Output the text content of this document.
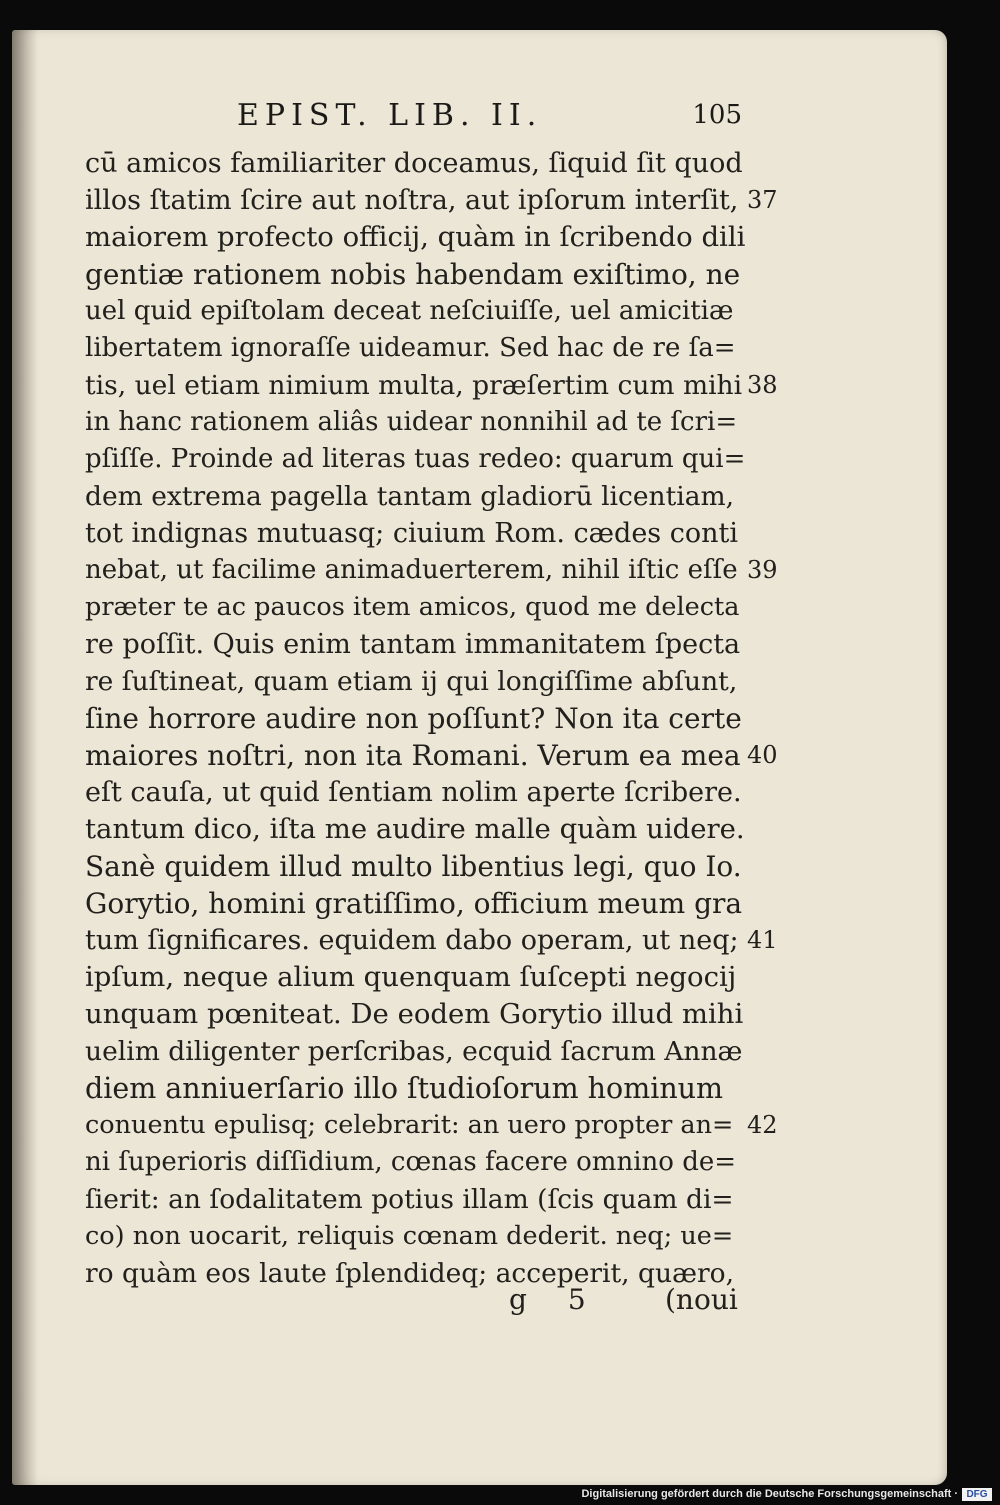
EPIST. LIB. II.	105
cū amicos familiariter doceamus, ſiquid ſit quod
illos ſtatim ſcire aut noſtra, aut ipſorum interſit,
maiorem profecto officij, quàm in ſcribendo dili
gentiæ rationem nobis habendam exiſtimo, ne
uel quid epiſtolam deceat neſciuiſſe, uel amicitiæ
libertatem ignoraſſe uideamur. Sed hac de re ſa=
tis, uel etiam nimium multa, præſertim cum mihi
in hanc rationem aliâs uidear nonnihil ad te ſcri=
pſiſſe. Proinde ad literas tuas redeo: quarum qui=
dem extrema pagella tantam gladiorū licentiam,
tot indignas mutuasq; ciuium Rom. cædes conti
nebat, ut facilime animaduerterem, nihil iſtic eſſe
præter te ac paucos item amicos, quod me delecta
re poſſit. Quis enim tantam immanitatem ſpecta
re ſuſtineat, quam etiam ij qui longiſſime abſunt,
ſine horrore audire non poſſunt? Non ita certe
maiores noſtri, non ita Romani. Verum ea mea
eſt cauſa, ut quid ſentiam nolim aperte ſcribere.
tantum dico, iſta me audire malle quàm uidere.
Sanè quidem illud multo libentius legi, quo Io.
Gorytio, homini gratiſſimo, officium meum gra
tum ſignificares. equidem dabo operam, ut neq;
ipſum, neque alium quenquam ſuſcepti negocij
unquam pœniteat. De eodem Gorytio illud mihi
uelim diligenter perſcribas, ecquid ſacrum Annæ
diem anniuerſario illo ſtudioſorum hominum
conuentu epulisq; celebrarit: an uero propter an=
ni ſuperioris diſſidium, cœnas facere omnino de=
ſierit: an ſodalitatem potius illam (ſcis quam di=
co) non uocarit, reliquis cœnam dederit. neq; ue=
ro quàm eos laute ſplendideq; acceperit, quæro,
37
38
39
40
41
42
g 5 (noui
Digitalisierung gefördert durch die Deutsche Forschungsgemeinschaft · DFG
